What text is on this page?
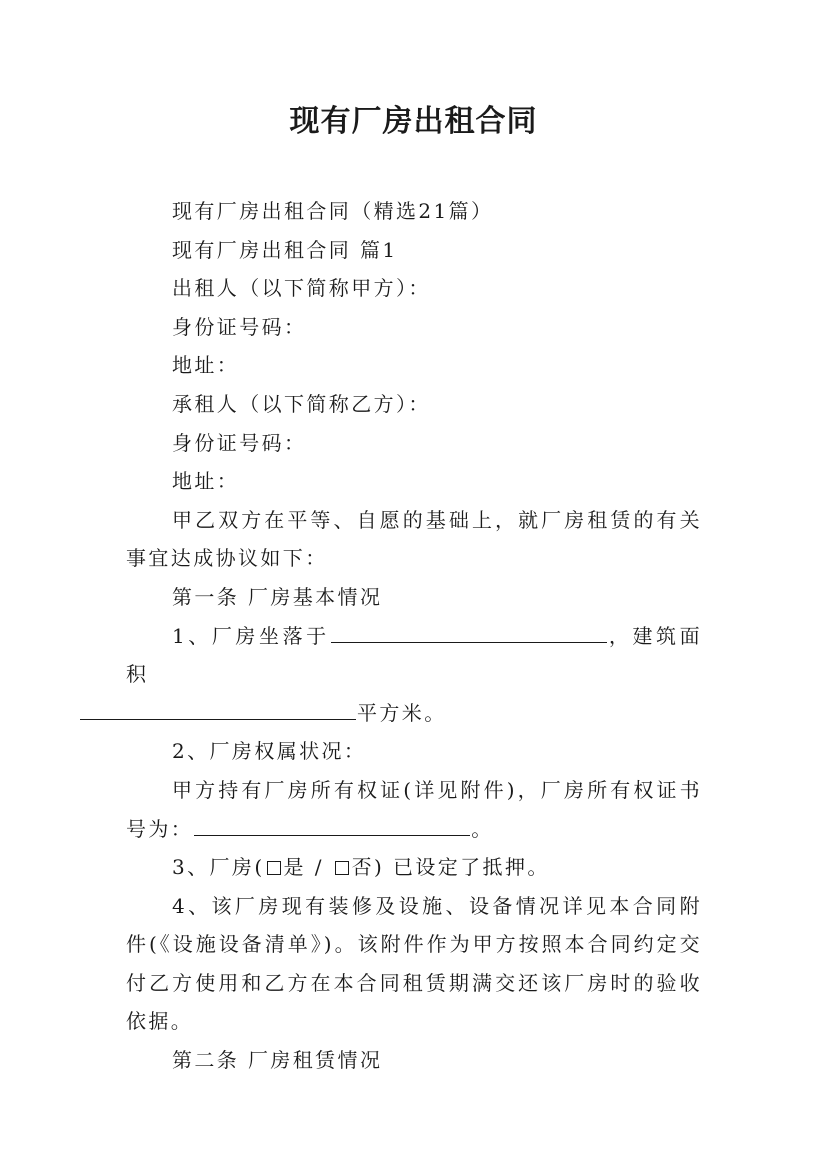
现有厂房出租合同

现有厂房出租合同（精选21篇）

现有厂房出租合同 篇1

出租人（以下简称甲方）：

身份证号码：

地址：

承租人（以下简称乙方）：

身份证号码：

地址：

甲乙双方在平等、自愿的基础上，就厂房租赁的有关事宜达成协议如下：

第一条 厂房基本情况

1、厂房坐落于	，建筑面积
平方米。

2、厂房权属状况：

甲方持有厂房所有权证(详见附件)，厂房所有权证书号为：	。

3、厂房( 是 / 否) 已设定了抵押。

4、该厂房现有装修及设施、设备情况详见本合同附件(《设施设备清单》)。该附件作为甲方按照本合同约定交付乙方使用和乙方在本合同租赁期满交还该厂房时的验收依据。

第二条 厂房租赁情况
